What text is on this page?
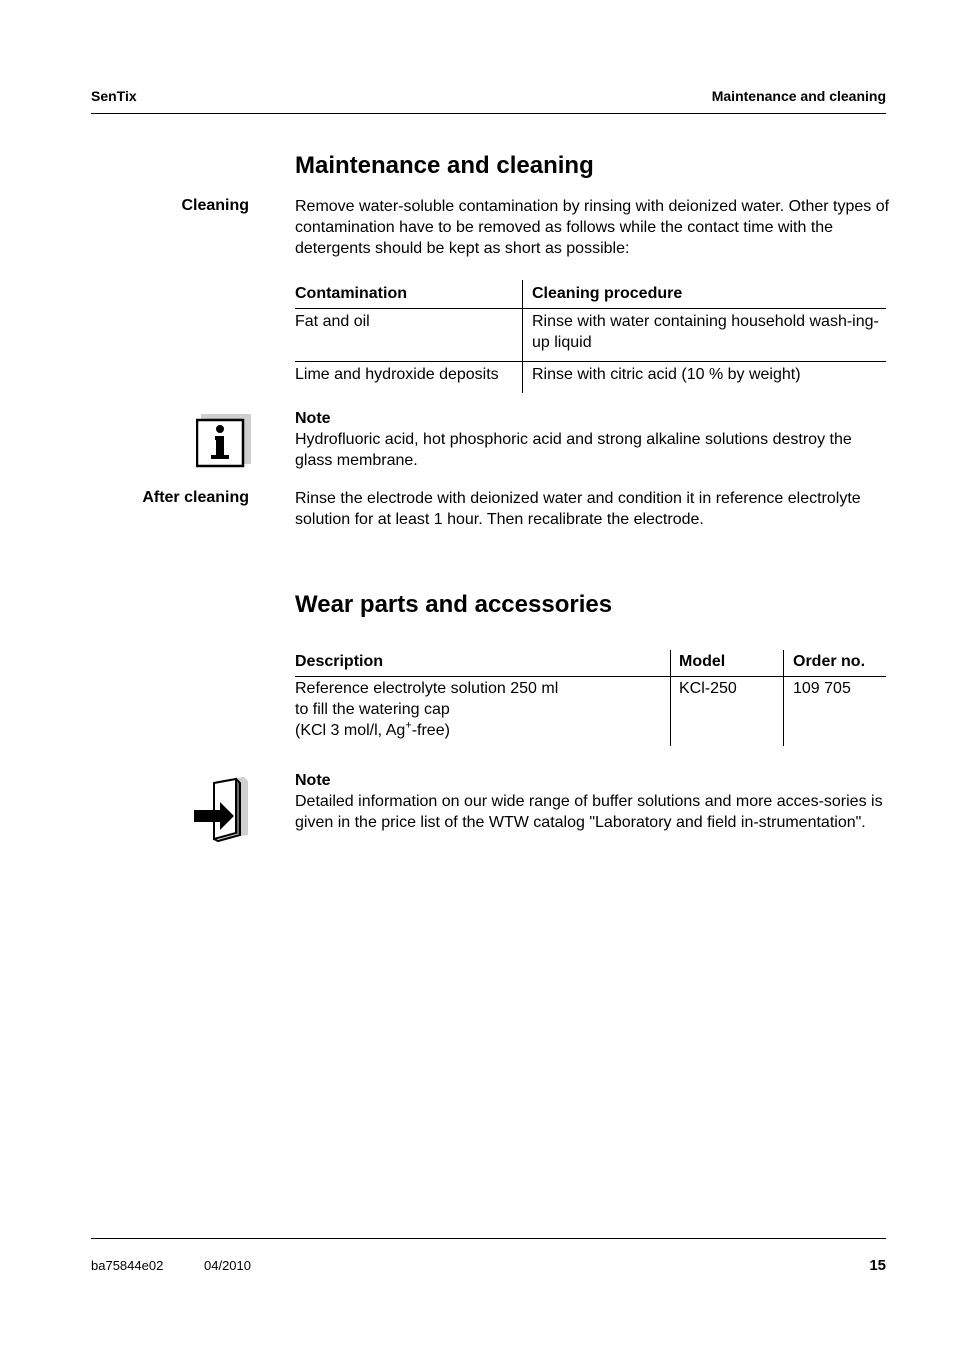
SenTix	Maintenance and cleaning
Maintenance and cleaning
Cleaning	Remove water-soluble contamination by rinsing with deionized water. Other types of contamination have to be removed as follows while the contact time with the detergents should be kept as short as possible:
Contamination	Cleaning procedure
Fat and oil	Rinse with water containing household wash-ing-up liquid
Lime and hydroxide deposits	Rinse with citric acid (10 % by weight)
Note
Hydrofluoric acid, hot phosphoric acid and strong alkaline solutions destroy the glass membrane.
After cleaning	Rinse the electrode with deionized water and condition it in reference electrolyte solution for at least 1 hour. Then recalibrate the electrode.
Wear parts and accessories
Description	Model	Order no.

Reference electrolyte solution 250 ml
to fill the watering cap
(KCl 3 mol/l, Ag+-free)	KCl-250	109 705
Note
Detailed information on our wide range of buffer solutions and more acces-sories is given in the price list of the WTW catalog "Laboratory and field in-strumentation".
ba75844e02	04/2010	15
